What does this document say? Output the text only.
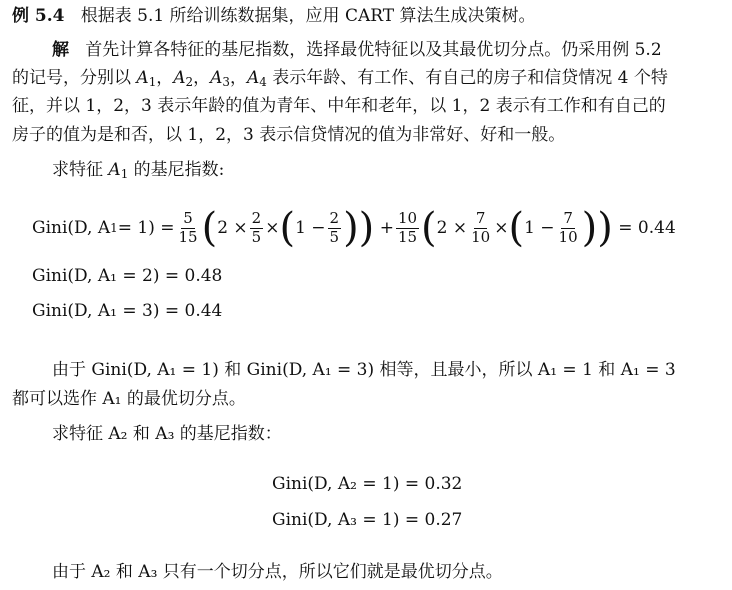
例 5.4 根据表 5.1 所给训练数据集，应用 CART 算法生成决策树。
解 首先计算各特征的基尼指数，选择最优特征以及其最优切分点。仍采用例 5.2
的记号，分别以 $A_1$，$A_2$，$A_3$，$A_4$ 表示年龄、有工作、有自己的房子和信贷情况 4 个特
征，并以 1，2，3 表示年龄的值为青年、中年和老年，以 1，2 表示有工作和有自己的
房子的值为是和否，以 1，2，3 表示信贷情况的值为非常好、好和一般。
求特征 $A_1$ 的基尼指数:
Gini(D, A $1 = 1) = \frac{5}{15}$ ( $2 \times \frac{2}{5}$ × ( $1 - \frac{2}{5}$ )) + $\frac{10}{15}$ ( $2 \times \frac{7}{10}$ × ( $1 - \frac{7}{10}$ ))
= 0.44
Gini(D, A₁ = 2) = 0.48
Gini(D, A₁ = 3) = 0.44
由于 Gini(D, A₁ = 1) 和 Gini(D, A₁ = 3) 相等，且最小，所以 A₁ = 1 和 A₁ = 3
都可以选作 A₁ 的最优切分点。
求特征 A₂ 和 A₃ 的基尼指数：
Gini(D, A₂ = 1) = 0.32
Gini(D, A₃ = 1) = 0.27
由于 A₂ 和 A₃ 只有一个切分点，所以它们就是最优切分点。
